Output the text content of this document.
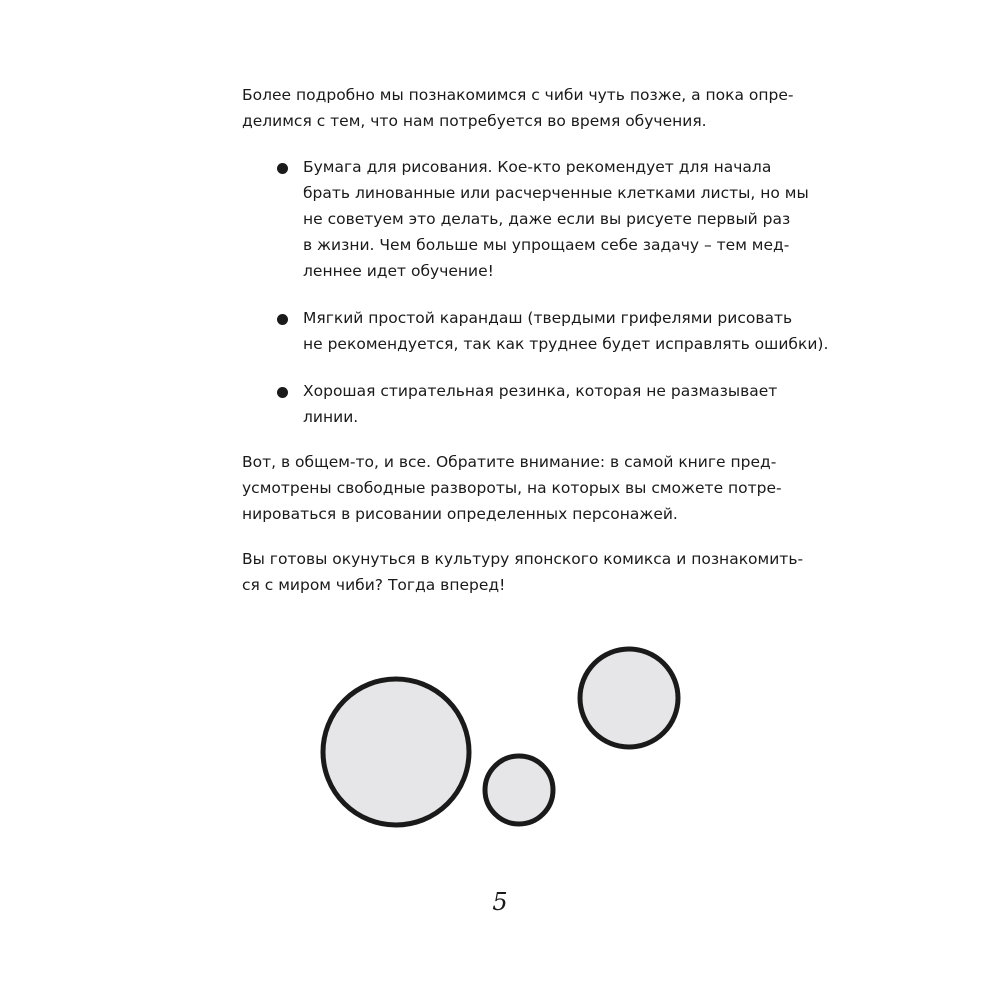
Более подробно мы познакомимся с чиби чуть позже, а пока опре-
делимся с тем, что нам потребуется во время обучения.

Бумага для рисования. Кое-кто рекомендует для начала
брать линованные или расчерченные клетками листы, но мы
не советуем это делать, даже если вы рисуете первый раз
в жизни. Чем больше мы упрощаем себе задачу – тем мед-
леннее идет обучение!
Мягкий простой карандаш (твердыми грифелями рисовать
не рекомендуется, так как труднее будет исправлять ошибки).
Хорошая стирательная резинка, которая не размазывает
линии.

Вот, в общем-то, и все. Обратите внимание: в самой книге пред-
усмотрены свободные развороты, на которых вы сможете потре-
нироваться в рисовании определенных персонажей.

Вы готовы окунуться в культуру японского комикса и познакомить-
ся с миром чиби? Тогда вперед!

5
